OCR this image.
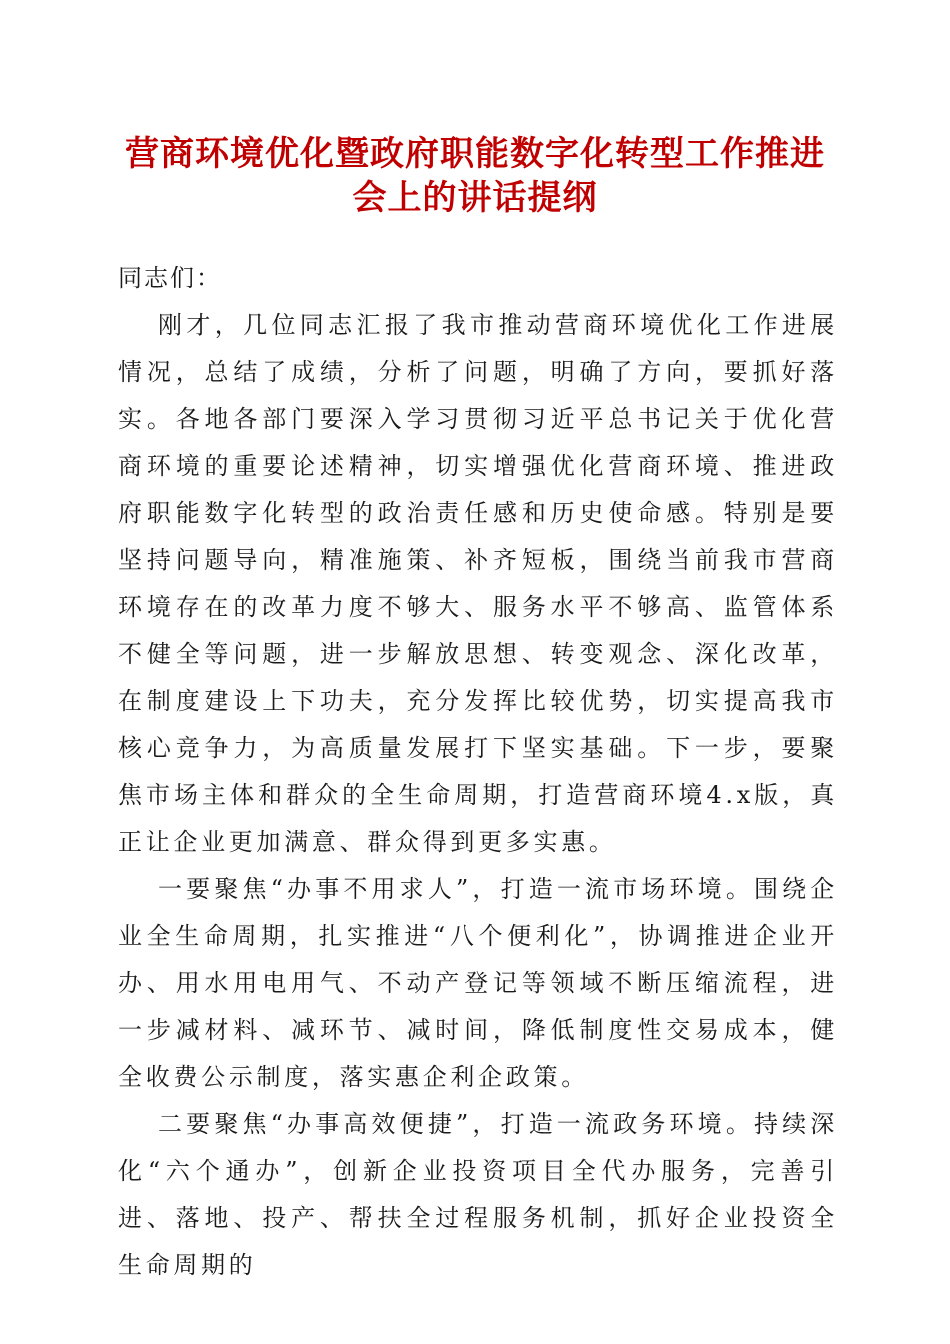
营商环境优化暨政府职能数字化转型工作推进
会上的讲话提纲

同志们：

刚才，几位同志汇报了我市推动营商环境优化工作进展情况，总结了成绩，分析了问题，明确了方向，要抓好落实。各地各部门要深入学习贯彻习近平总书记关于优化营商环境的重要论述精神，切实增强优化营商环境、推进政府职能数字化转型的政治责任感和历史使命感。特别是要坚持问题导向，精准施策、补齐短板，围绕当前我市营商环境存在的改革力度不够大、服务水平不够高、监管体系不健全等问题，进一步解放思想、转变观念、深化改革，在制度建设上下功夫，充分发挥比较优势，切实提高我市核心竞争力，为高质量发展打下坚实基础。下一步，要聚焦市场主体和群众的全生命周期，打造营商环境4.x版，真正让企业更加满意、群众得到更多实惠。

一要聚焦“办事不用求人”，打造一流市场环境。围绕企业全生命周期，扎实推进“八个便利化”，协调推进企业开办、用水用电用气、不动产登记等领域不断压缩流程，进一步减材料、减环节、减时间，降低制度性交易成本，健全收费公示制度，落实惠企利企政策。

二要聚焦“办事高效便捷”，打造一流政务环境。持续深化“六个通办”，创新企业投资项目全代办服务，完善引进、落地、投产、帮扶全过程服务机制，抓好企业投资全生命周期的
